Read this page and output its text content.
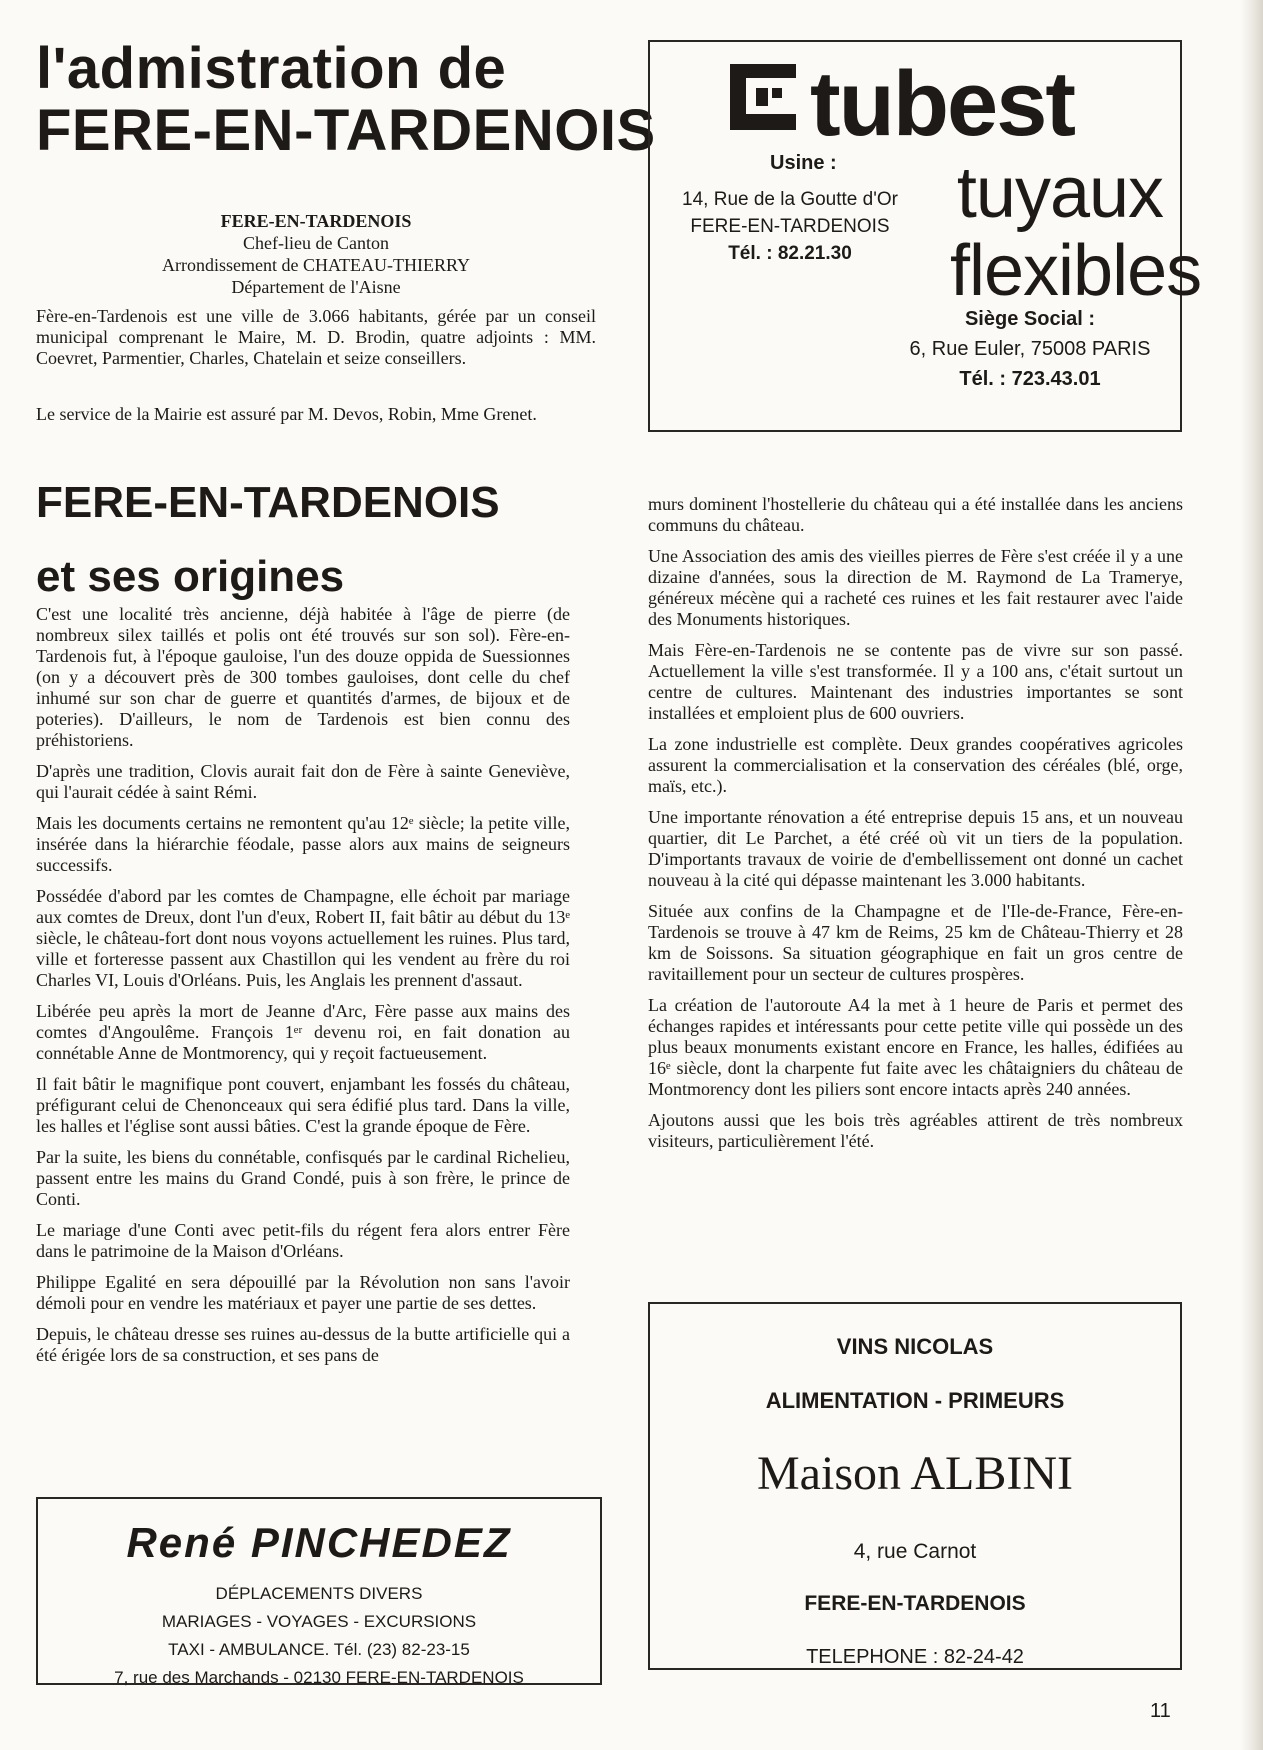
l'admistration de
FERE-EN-TARDENOIS
FERE-EN-TARDENOIS
Chef-lieu de Canton
Arrondissement de CHATEAU-THIERRY
Département de l'Aisne

Fère-en-Tardenois est une ville de 3.066 habitants, gérée par un conseil municipal comprenant le Maire, M. D. Brodin, quatre adjoints : MM. Coevret, Parmentier, Charles, Chatelain et seize conseillers.

Le service de la Mairie est assuré par M. Devos, Robin, Mme Grenet.

FERE-EN-TARDENOIS
et ses origines

C'est une localité très ancienne, déjà habitée à l'âge de pierre (de nombreux silex taillés et polis ont été trouvés sur son sol). Fère-en-Tardenois fut, à l'époque gauloise, l'un des douze oppida de Suessionnes (on y a découvert près de 300 tombes gauloises, dont celle du chef inhumé sur son char de guerre et quantités d'armes, de bijoux et de poteries). D'ailleurs, le nom de Tardenois est bien connu des préhistoriens.

D'après une tradition, Clovis aurait fait don de Fère à sainte Geneviève, qui l'aurait cédée à saint Rémi.

Mais les documents certains ne remontent qu'au 12ᵉ siècle; la petite ville, insérée dans la hiérarchie féodale, passe alors aux mains de seigneurs successifs.

Possédée d'abord par les comtes de Champagne, elle échoit par mariage aux comtes de Dreux, dont l'un d'eux, Robert II, fait bâtir au début du 13ᵉ siècle, le château-fort dont nous voyons actuellement les ruines. Plus tard, ville et forteresse passent aux Chastillon qui les vendent au frère du roi Charles VI, Louis d'Orléans. Puis, les Anglais les prennent d'assaut.

Libérée peu après la mort de Jeanne d'Arc, Fère passe aux mains des comtes d'Angoulême. François 1ᵉʳ devenu roi, en fait donation au connétable Anne de Montmorency, qui y reçoit factueusement.

Il fait bâtir le magnifique pont couvert, enjambant les fossés du château, préfigurant celui de Chenonceaux qui sera édifié plus tard. Dans la ville, les halles et l'église sont aussi bâties. C'est la grande époque de Fère.

Par la suite, les biens du connétable, confisqués par le cardinal Richelieu, passent entre les mains du Grand Condé, puis à son frère, le prince de Conti.

Le mariage d'une Conti avec petit-fils du régent fera alors entrer Fère dans le patrimoine de la Maison d'Orléans.

Philippe Egalité en sera dépouillé par la Révolution non sans l'avoir démoli pour en vendre les matériaux et payer une partie de ses dettes.

Depuis, le château dresse ses ruines au-dessus de la butte artificielle qui a été érigée lors de sa construction, et ses pans de

murs dominent l'hostellerie du château qui a été installée dans les anciens communs du château.

Une Association des amis des vieilles pierres de Fère s'est créée il y a une dizaine d'années, sous la direction de M. Raymond de La Trameryе, généreux mécène qui a racheté ces ruines et les fait restaurer avec l'aide des Monuments historiques.

Mais Fère-en-Tardenois ne se contente pas de vivre sur son passé. Actuellement la ville s'est transformée. Il y a 100 ans, c'était surtout un centre de cultures. Maintenant des industries importantes se sont installées et emploient plus de 600 ouvriers.

La zone industrielle est complète. Deux grandes coopératives agricoles assurent la commercialisation et la conservation des céréales (blé, orge, maïs, etc.).

Une importante rénovation a été entreprise depuis 15 ans, et un nouveau quartier, dit Le Parchet, a été créé où vit un tiers de la population. D'importants travaux de voirie de d'embellissement ont donné un cachet nouveau à la cité qui dépasse maintenant les 3.000 habitants.

Située aux confins de la Champagne et de l'Ile-de-France, Fère-en-Tardenois se trouve à 47 km de Reims, 25 km de Château-Thierry et 28 km de Soissons. Sa situation géographique en fait un gros centre de ravitaillement pour un secteur de cultures prospères.

La création de l'autoroute A4 la met à 1 heure de Paris et permet des échanges rapides et intéressants pour cette petite ville qui possède un des plus beaux monuments existant encore en France, les halles, édifiées au 16ᵉ siècle, dont la charpente fut faite avec les châtaigniers du château de Montmorency dont les piliers sont encore intacts après 240 années.

Ajoutons aussi que les bois très agréables attirent de très nombreux visiteurs, particulièrement l'été.

tubest
Usine :
14, Rue de la Goutte d'Or
FERE-EN-TARDENOIS
Tél. : 82.21.30
tuyaux
flexibles
Siège Social :
6, Rue Euler, 75008 PARIS
Tél. : 723.43.01
René PINCHEDEZ
DÉPLACEMENTS DIVERS
MARIAGES - VOYAGES - EXCURSIONS
TAXI - AMBULANCE. Tél. (23) 82-23-15
7, rue des Marchands - 02130 FERE-EN-TARDENOIS
VINS NICOLAS
ALIMENTATION - PRIMEURS
Maison ALBINI
4, rue Carnot
FERE-EN-TARDENOIS
TELEPHONE : 82-24-42
11
